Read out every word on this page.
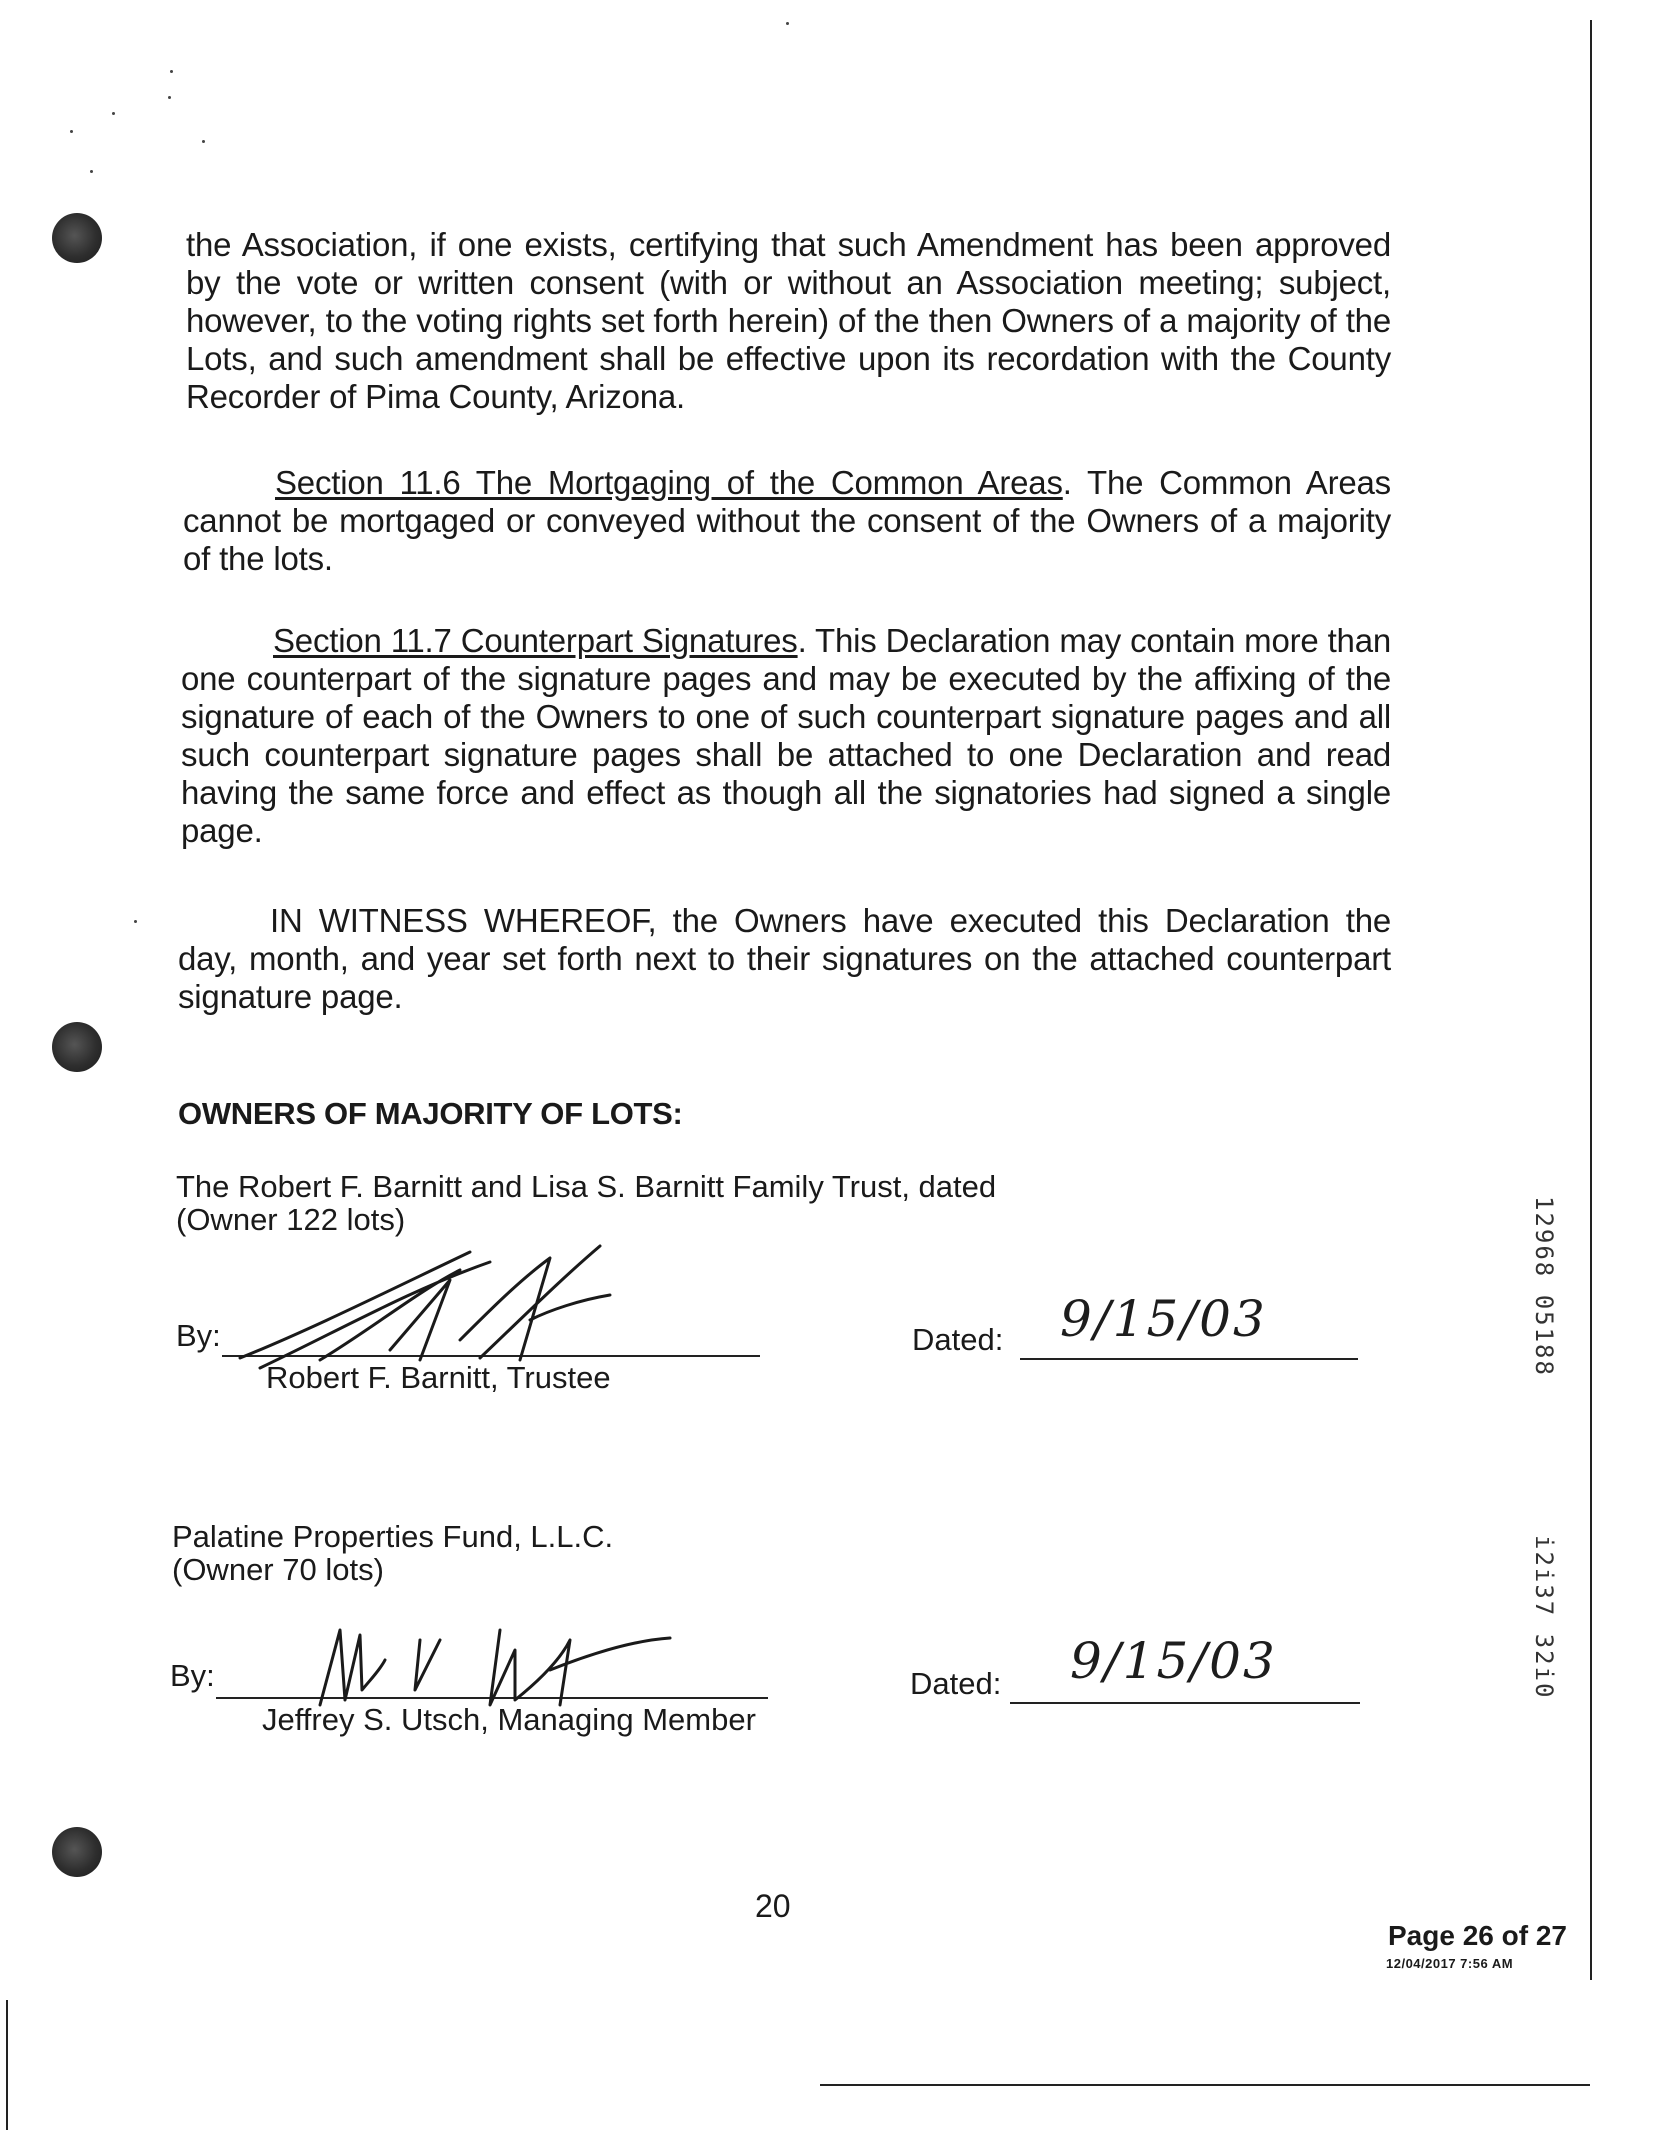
the Association, if one exists, certifying that such Amendment has been approved by the vote or written consent (with or without an Association meeting; subject, however, to the voting rights set forth herein) of the then Owners of a majority of the Lots, and such amendment shall be effective upon its recordation with the County Recorder of Pima County, Arizona.
Section 11.6 The Mortgaging of the Common Areas. The Common Areas cannot be mortgaged or conveyed without the consent of the Owners of a majority of the lots.
Section 11.7 Counterpart Signatures. This Declaration may contain more than one counterpart of the signature pages and may be executed by the affixing of the signature of each of the Owners to one of such counterpart signature pages and all such counterpart signature pages shall be attached to one Declaration and read having the same force and effect as though all the signatories had signed a single page.
IN WITNESS WHEREOF, the Owners have executed this Declaration the day, month, and year set forth next to their signatures on the attached counterpart signature page.
OWNERS OF MAJORITY OF LOTS:
The Robert F. Barnitt and Lisa S. Barnitt Family Trust, dated
(Owner 122 lots)
By:
Robert F. Barnitt, Trustee
Dated: 9/15/03
Palatine Properties Fund, L.L.C.
(Owner 70 lots)
By:
Jeffrey S. Utsch, Managing Member
Dated: 9/15/03
12968 05188
i2i37 32i0
20
Page 26 of 27
12/04/2017 7:56 AM
